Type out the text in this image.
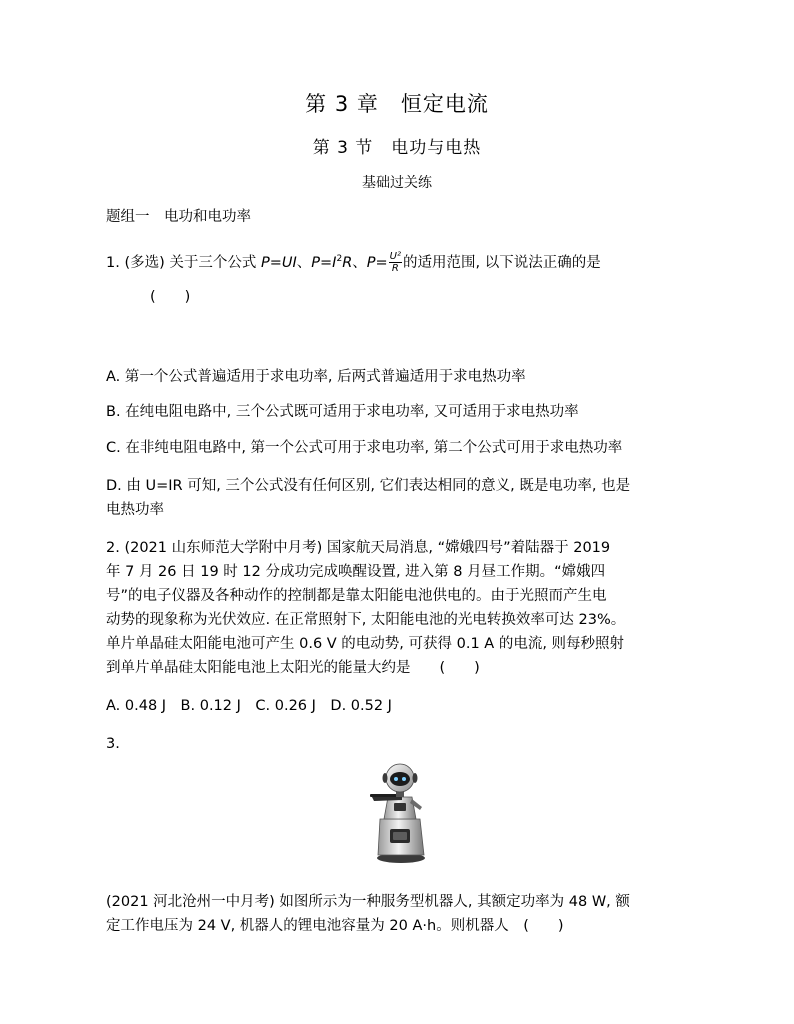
第 3 章　恒定电流
第 3 节　电功与电热
基础过关练
题组一　电功和电功率
1. (多选) 关于三个公式 P=UI、$P=I^2R$、$P= \frac{\text{U²}}{R}$ 的适用范围, 以下说法正确的是
(　　)
A. 第一个公式普遍适用于求电功率, 后两式普遍适用于求电热功率
B. 在纯电阻电路中, 三个公式既可适用于求电功率, 又可适用于求电热功率
C. 在非纯电阻电路中, 第一个公式可用于求电功率, 第二个公式可用于求电热功率
D. 由 U=IR 可知, 三个公式没有任何区别, 它们表达相同的意义, 既是电功率, 也是
电热功率
2. (2021 山东师范大学附中月考) 国家航天局消息, “嫦娥四号”着陆器于 2019
年 7 月 26 日 19 时 12 分成功完成唤醒设置, 进入第 8 月昼工作期。“嫦娥四
号”的电子仪器及各种动作的控制都是靠太阳能电池供电的。由于光照而产生电
动势的现象称为光伏效应. 在正常照射下, 太阳能电池的光电转换效率可达 23%。
单片单晶硅太阳能电池可产生 0.6 V 的电动势, 可获得 0.1 A 的电流, 则每秒照射
到单片单晶硅太阳能电池上太阳光的能量大约是　　(　　)
A. 0.48 J　B. 0.12 J　C. 0.26 J　D. 0.52 J
3.
(2021 河北沧州一中月考) 如图所示为一种服务型机器人, 其额定功率为 48 W, 额
定工作电压为 24 V, 机器人的锂电池容量为 20 A·h。则机器人　(　　)
